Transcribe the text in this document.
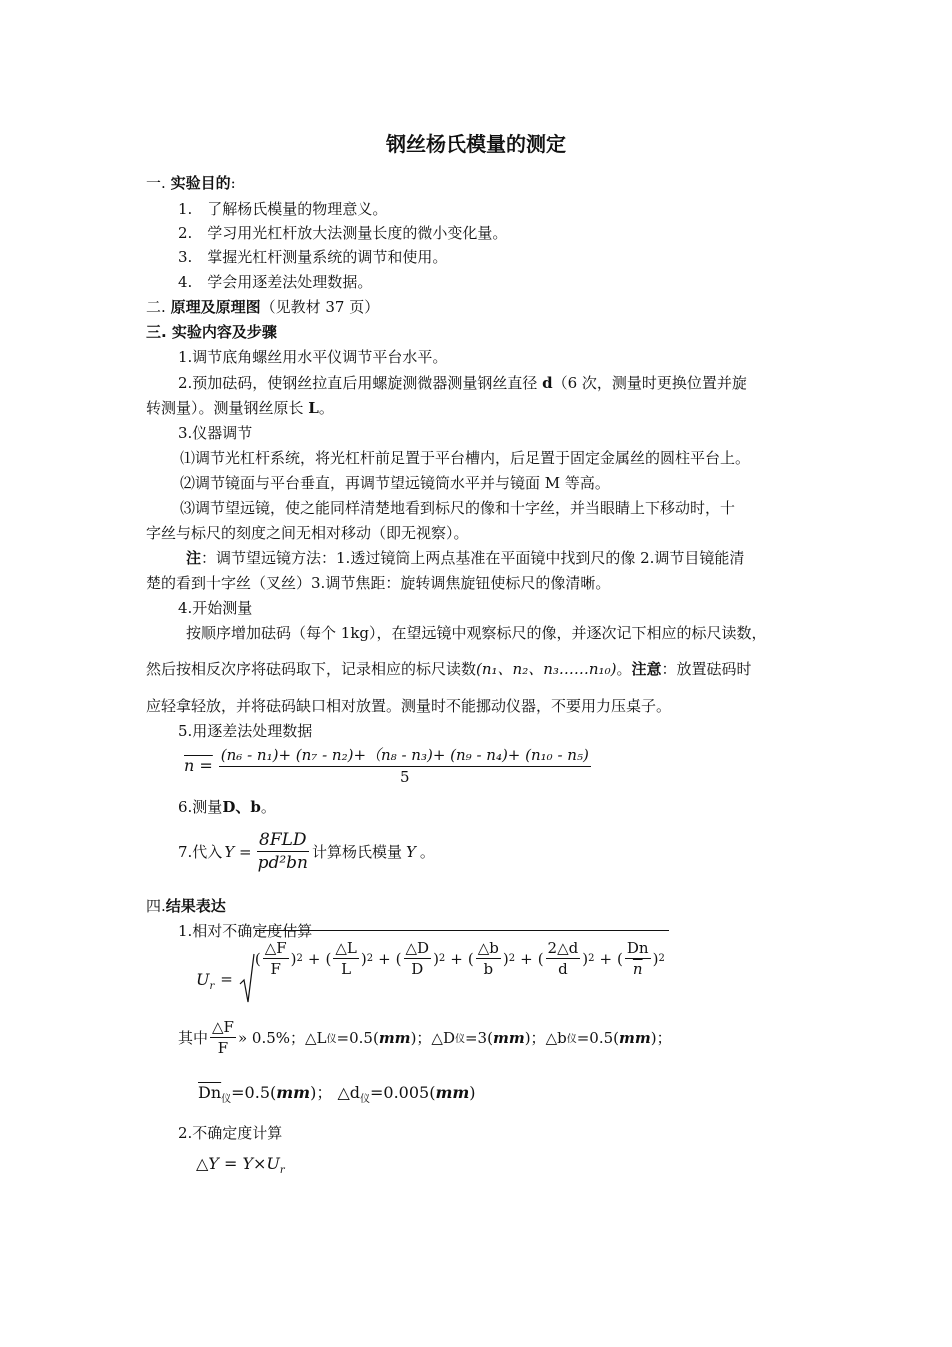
钢丝杨氏模量的测定
一. 实验目的:
1.　了解杨氏模量的物理意义。
2.　学习用光杠杆放大法测量长度的微小变化量。
3.　掌握光杠杆测量系统的调节和使用。
4.　学会用逐差法处理数据。
二. 原理及原理图（见教材 37 页）
三. 实验内容及步骤
1.调节底角螺丝用水平仪调节平台水平。
2.预加砝码，使钢丝拉直后用螺旋测微器测量钢丝直径 d（6 次，测量时更换位置并旋
转测量）。测量钢丝原长 L。
3.仪器调节
⑴调节光杠杆系统，将光杠杆前足置于平台槽内，后足置于固定金属丝的圆柱平台上。
⑵调节镜面与平台垂直，再调节望远镜筒水平并与镜面 M 等高。
⑶调节望远镜，使之能同样清楚地看到标尺的像和十字丝，并当眼睛上下移动时，十
字丝与标尺的刻度之间无相对移动（即无视察）。
注：调节望远镜方法：1.透过镜筒上两点基准在平面镜中找到尺的像 2.调节目镜能清
楚的看到十字丝（叉丝）3.调节焦距：旋转调焦旋钮使标尺的像清晰。
4.开始测量
按顺序增加砝码（每个 1kg），在望远镜中观察标尺的像，并逐次记下相应的标尺读数，
然后按相反次序将砝码取下，记录相应的标尺读数(n₁、n₂、n₃……n₁₀)。注意：放置砝码时
应轻拿轻放，并将砝码缺口相对放置。测量时不能挪动仪器，不要用力压桌子。
5.用逐差法处理数据
$n = \frac{\text{(n₆ - n₁)+ (n₇ - n₂)+（n₈ - n₃)+ (n₉ - n₄)+ (n₁₀ - n₅)}}{5}$
6.测量D、b。
7.代入 $Y = \frac{\text{8FLD}}{\text{pd²bn}}$ 计算杨氏模量 Y 。
四.结果表达
1.相对不确定度估算
$U_r$ =
( $\frac{\triangle F}{F}$ ) 2 + ( $\frac{\triangle L}{L}$ ) 2 + ( $\frac{\triangle D}{D}$ ) 2 + ( $\frac{\triangle b}{b}$ ) 2 + ( $\frac{2\triangle d}{d}$ ) 2 + ( $\frac{Dn}{n}$ ) 2
其中 $\frac{\triangle F}{F}$ » 0.5%；△L 仪 =0.5( mm )； △D 仪 =3( mm )； △b 仪 =0.5( mm )；
$\overline{Dn}_仪=0.5(mm)$； $\triangle d_仪=0.005(mm)$
2.不确定度计算
△Y = $Y\times U_r$
